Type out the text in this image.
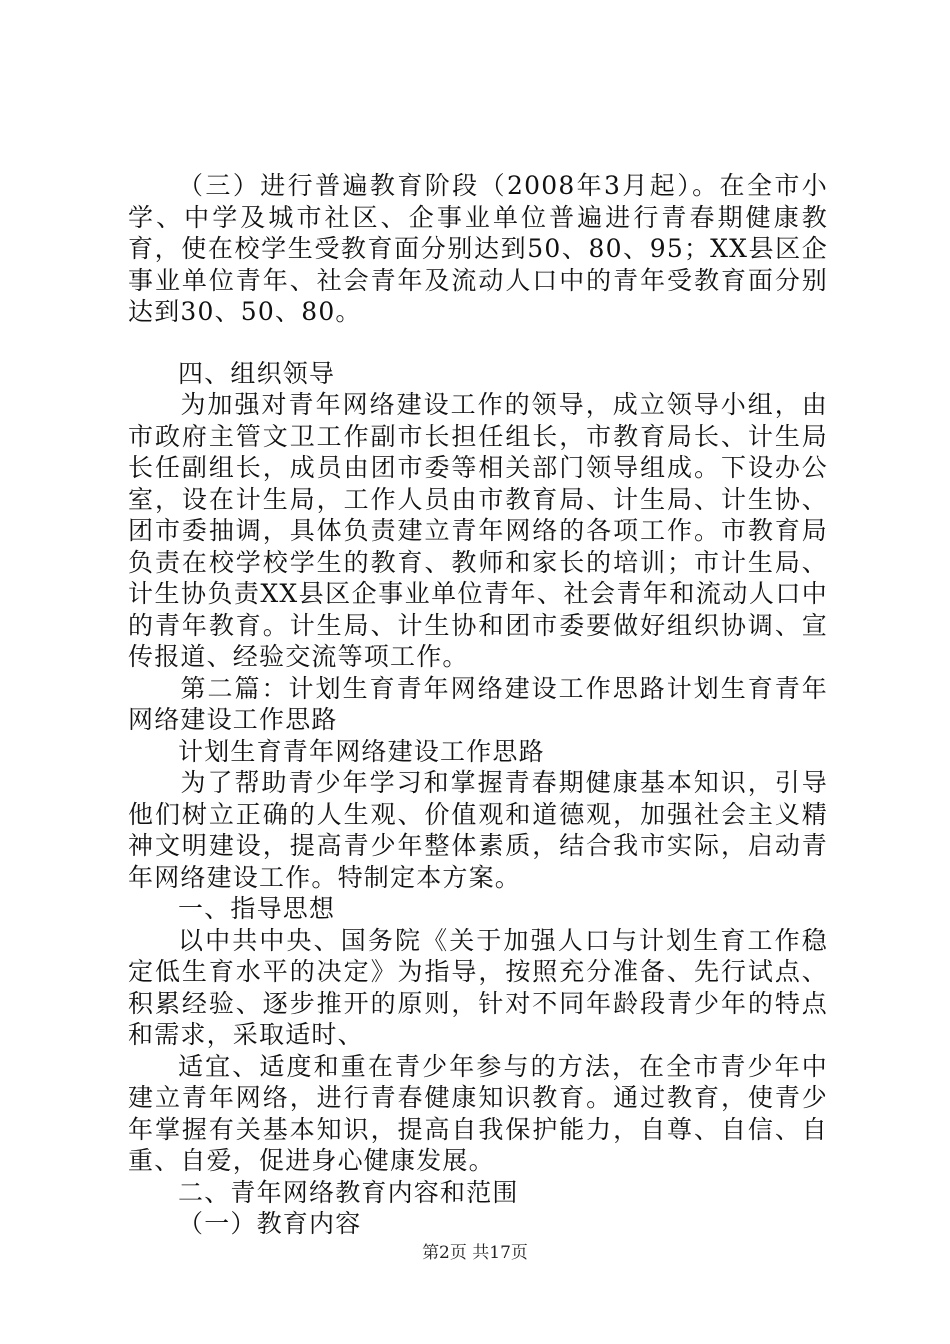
（三）进行普遍教育阶段（2008年3月起）。在全市小学、中学及城市社区、企事业单位普遍进行青春期健康教育，使在校学生受教育面分别达到50、80、95；XX县区企事业单位青年、社会青年及流动人口中的青年受教育面分别达到30、50、80。

四、组织领导

为加强对青年网络建设工作的领导，成立领导小组，由市政府主管文卫工作副市长担任组长，市教育局长、计生局长任副组长，成员由团市委等相关部门领导组成。下设办公室，设在计生局，工作人员由市教育局、计生局、计生协、团市委抽调，具体负责建立青年网络的各项工作。市教育局负责在校学校学生的教育、教师和家长的培训；市计生局、计生协负责XX县区企事业单位青年、社会青年和流动人口中的青年教育。计生局、计生协和团市委要做好组织协调、宣传报道、经验交流等项工作。

第二篇：计划生育青年网络建设工作思路计划生育青年网络建设工作思路

计划生育青年网络建设工作思路

为了帮助青少年学习和掌握青春期健康基本知识，引导他们树立正确的人生观、价值观和道德观，加强社会主义精神文明建设，提高青少年整体素质，结合我市实际，启动青年网络建设工作。特制定本方案。

一、指导思想

以中共中央、国务院《关于加强人口与计划生育工作稳定低生育水平的决定》为指导，按照充分准备、先行试点、积累经验、逐步推开的原则，针对不同年龄段青少年的特点和需求，采取适时、

适宜、适度和重在青少年参与的方法，在全市青少年中建立青年网络，进行青春健康知识教育。通过教育，使青少年掌握有关基本知识，提高自我保护能力，自尊、自信、自重、自爱，促进身心健康发展。

二、青年网络教育内容和范围

（一）教育内容

第2页 共17页
